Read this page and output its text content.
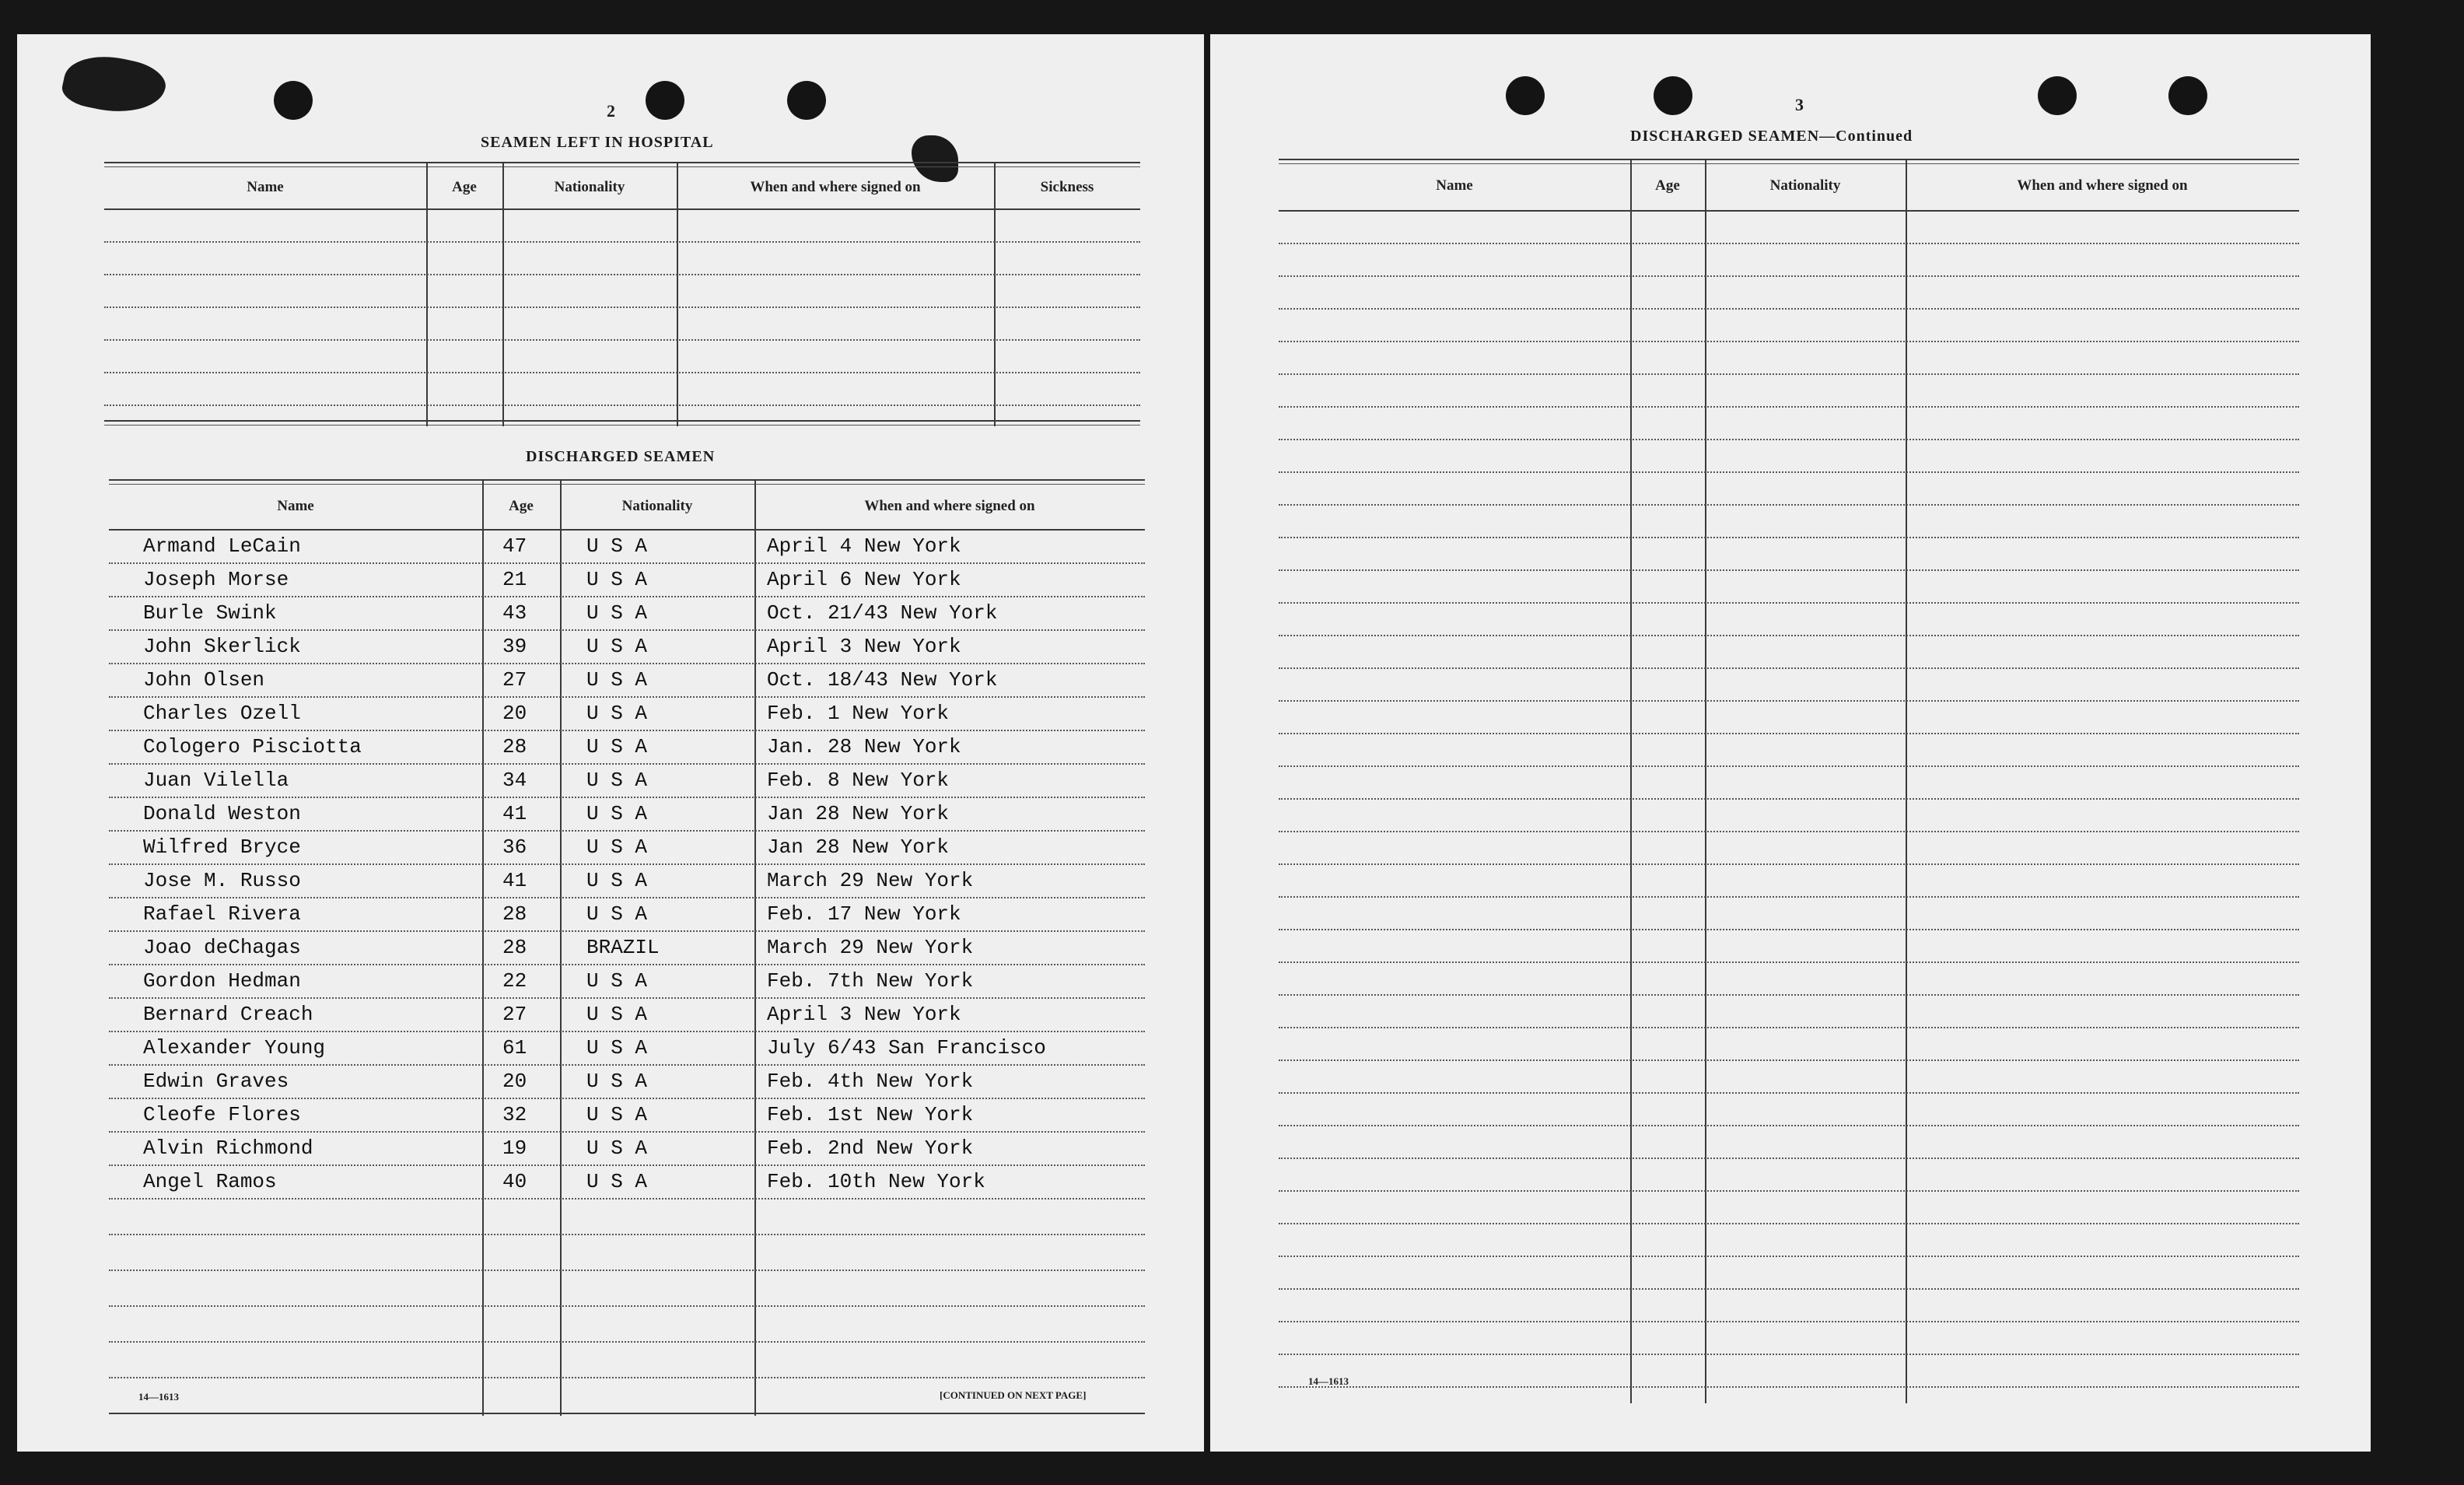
2
SEAMEN LEFT IN HOSPITAL
Name	Age	Nationality	When and where signed on	Sickness
DISCHARGED SEAMEN
Name	Age	Nationality	When and where signed on
Armand LeCain	47	U S A	April 4 New York
Joseph Morse	21	U S A	April 6 New York
Burle Swink	43	U S A	Oct. 21/43 New York
John Skerlick	39	U S A	April 3 New York
John Olsen	27	U S A	Oct. 18/43 New York
Charles Ozell	20	U S A	Feb. 1 New York
Cologero Pisciotta	28	U S A	Jan. 28 New York
Juan Vilella	34	U S A	Feb. 8 New York
Donald Weston	41	U S A	Jan 28 New York
Wilfred Bryce	36	U S A	Jan 28 New York
Jose M. Russo	41	U S A	March 29 New York
Rafael Rivera	28	U S A	Feb. 17 New York
Joao deChagas	28	BRAZIL	March 29 New York
Gordon Hedman	22	U S A	Feb. 7th New York
Bernard Creach	27	U S A	April 3 New York
Alexander Young	61	U S A	July 6/43 San Francisco
Edwin Graves	20	U S A	Feb. 4th New York
Cleofe Flores	32	U S A	Feb. 1st New York
Alvin Richmond	19	U S A	Feb. 2nd New York
Angel Ramos	40	U S A	Feb. 10th New York
14—1613	[CONTINUED ON NEXT PAGE]
3
DISCHARGED SEAMEN—Continued
Name	Age	Nationality	When and where signed on
14—1613
